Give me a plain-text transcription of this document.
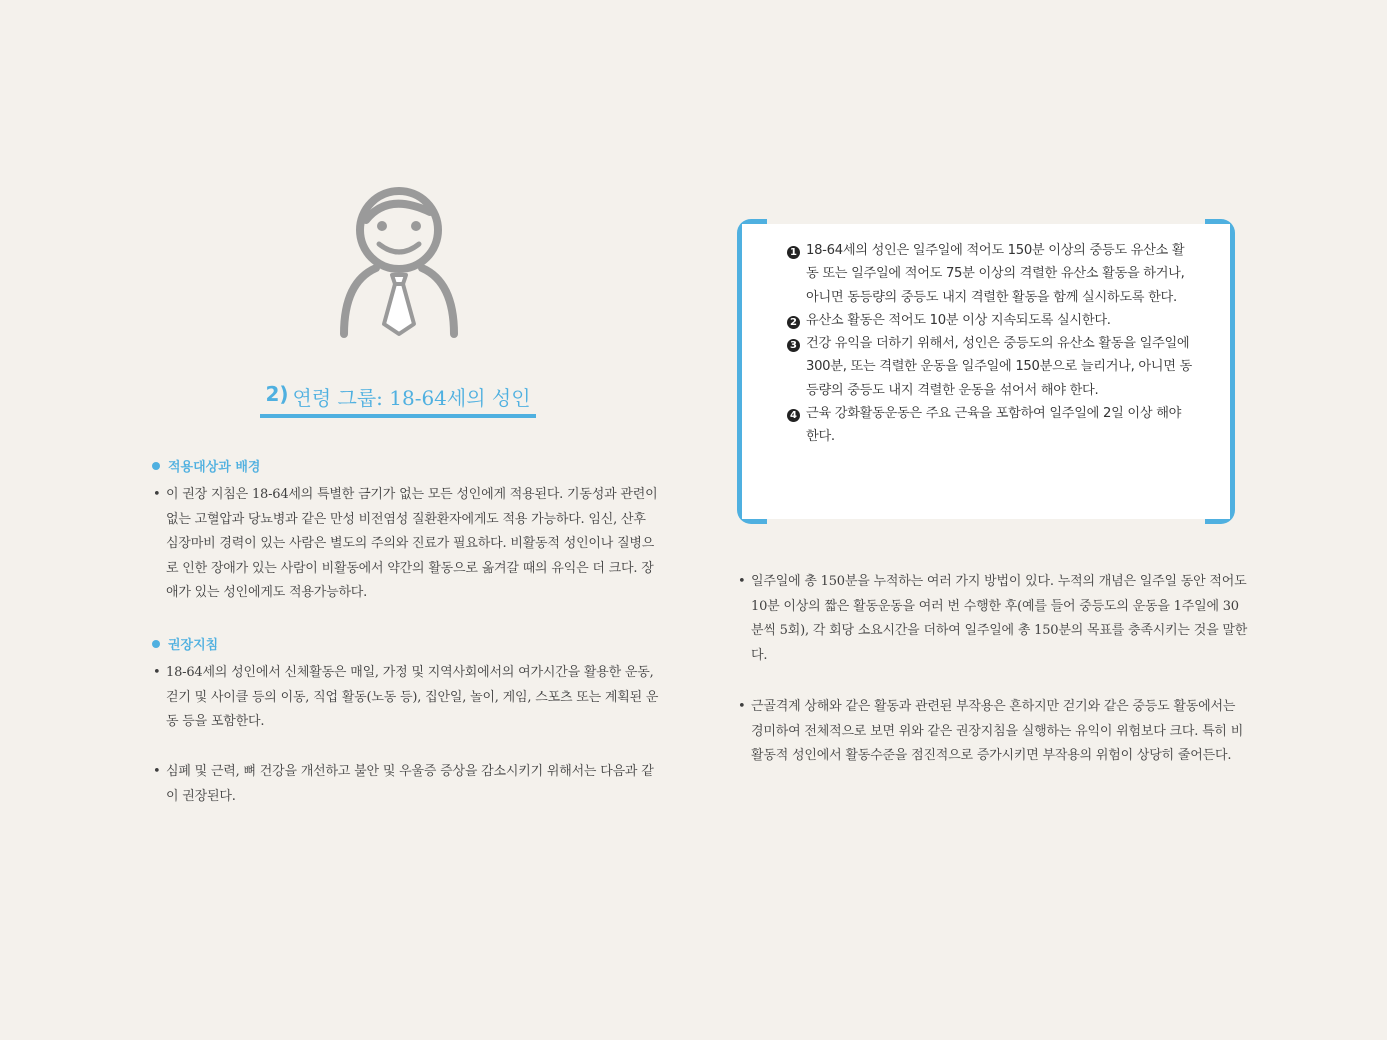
2) 연령 그룹: 18-64세의 성인
적용대상과 배경
• 이 권장 지침은 18-64세의 특별한 금기가 없는 모든 성인에게 적용된다. 기동성과 관련이 없는 고혈압과 당뇨병과 같은 만성 비전염성 질환환자에게도 적용 가능하다. 임신, 산후 심장마비 경력이 있는 사람은 별도의 주의와 진료가 필요하다. 비활동적 성인이나 질병으로 인한 장애가 있는 사람이 비활동에서 약간의 활동으로 옮겨갈 때의 유익은 더 크다. 장애가 있는 성인에게도 적용가능하다.
권장지침
• 18-64세의 성인에서 신체활동은 매일, 가정 및 지역사회에서의 여가시간을 활용한 운동, 걷기 및 사이클 등의 이동, 직업 활동(노동 등), 집안일, 놀이, 게임, 스포츠 또는 계획된 운동 등을 포함한다.
• 심폐 및 근력, 뼈 건강을 개선하고 불안 및 우울증 증상을 감소시키기 위해서는 다음과 같이 권장된다.
1 18-64세의 성인은 일주일에 적어도 150분 이상의 중등도 유산소 활동 또는 일주일에 적어도 75분 이상의 격렬한 유산소 활동을 하거나, 아니면 동등량의 중등도 내지 격렬한 활동을 함께 실시하도록 한다.
2 유산소 활동은 적어도 10분 이상 지속되도록 실시한다.
3 건강 유익을 더하기 위해서, 성인은 중등도의 유산소 활동을 일주일에 300분, 또는 격렬한 운동을 일주일에 150분으로 늘리거나, 아니면 동등량의 중등도 내지 격렬한 운동을 섞어서 해야 한다.
4 근육 강화활동운동은 주요 근육을 포함하여 일주일에 2일 이상 해야 한다.
• 일주일에 총 150분을 누적하는 여러 가지 방법이 있다. 누적의 개념은 일주일 동안 적어도 10분 이상의 짧은 활동운동을 여러 번 수행한 후(예를 들어 중등도의 운동을 1주일에 30분씩 5회), 각 회당 소요시간을 더하여 일주일에 총 150분의 목표를 충족시키는 것을 말한다.
• 근골격계 상해와 같은 활동과 관련된 부작용은 흔하지만 걷기와 같은 중등도 활동에서는 경미하여 전체적으로 보면 위와 같은 권장지침을 실행하는 유익이 위험보다 크다. 특히 비활동적 성인에서 활동수준을 점진적으로 증가시키면 부작용의 위험이 상당히 줄어든다.
